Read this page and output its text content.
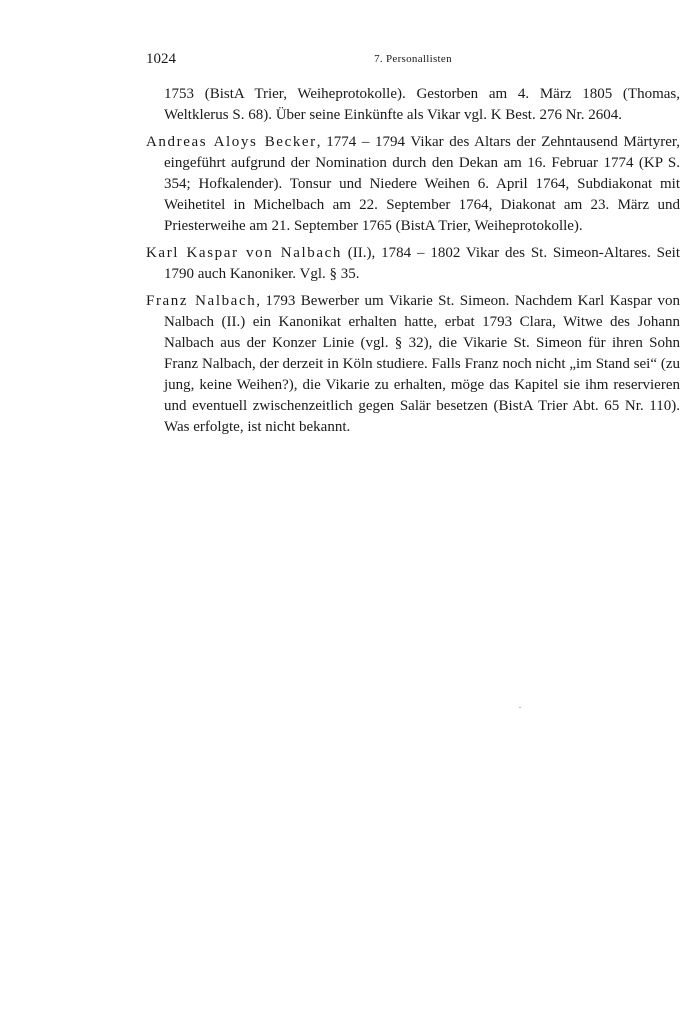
1024	7. Personallisten

1753 (BistA Trier, Weiheprotokolle). Gestorben am 4. März 1805 (Thomas, Weltklerus S. 68). Über seine Einkünfte als Vikar vgl. K Best. 276 Nr. 2604.

Andreas Aloys Becker, 1774 – 1794 Vikar des Altars der Zehntausend Märtyrer, eingeführt aufgrund der Nomination durch den Dekan am 16. Februar 1774 (KP S. 354; Hofkalender). Tonsur und Niedere Weihen 6. April 1764, Subdiakonat mit Weihetitel in Michelbach am 22. September 1764, Diakonat am 23. März und Priesterweihe am 21. September 1765 (BistA Trier, Weiheprotokolle).

Karl Kaspar von Nalbach (II.), 1784 – 1802 Vikar des St. Simeon-Altares. Seit 1790 auch Kanoniker. Vgl. § 35.

Franz Nalbach, 1793 Bewerber um Vikarie St. Simeon. Nachdem Karl Kaspar von Nalbach (II.) ein Kanonikat erhalten hatte, erbat 1793 Clara, Witwe des Johann Nalbach aus der Konzer Linie (vgl. § 32), die Vikarie St. Simeon für ihren Sohn Franz Nalbach, der derzeit in Köln studiere. Falls Franz noch nicht „im Stand sei“ (zu jung, keine Weihen?), die Vikarie zu erhalten, möge das Kapitel sie ihm reservieren und eventuell zwischenzeitlich gegen Salär besetzen (BistA Trier Abt. 65 Nr. 110). Was erfolgte, ist nicht bekannt.
